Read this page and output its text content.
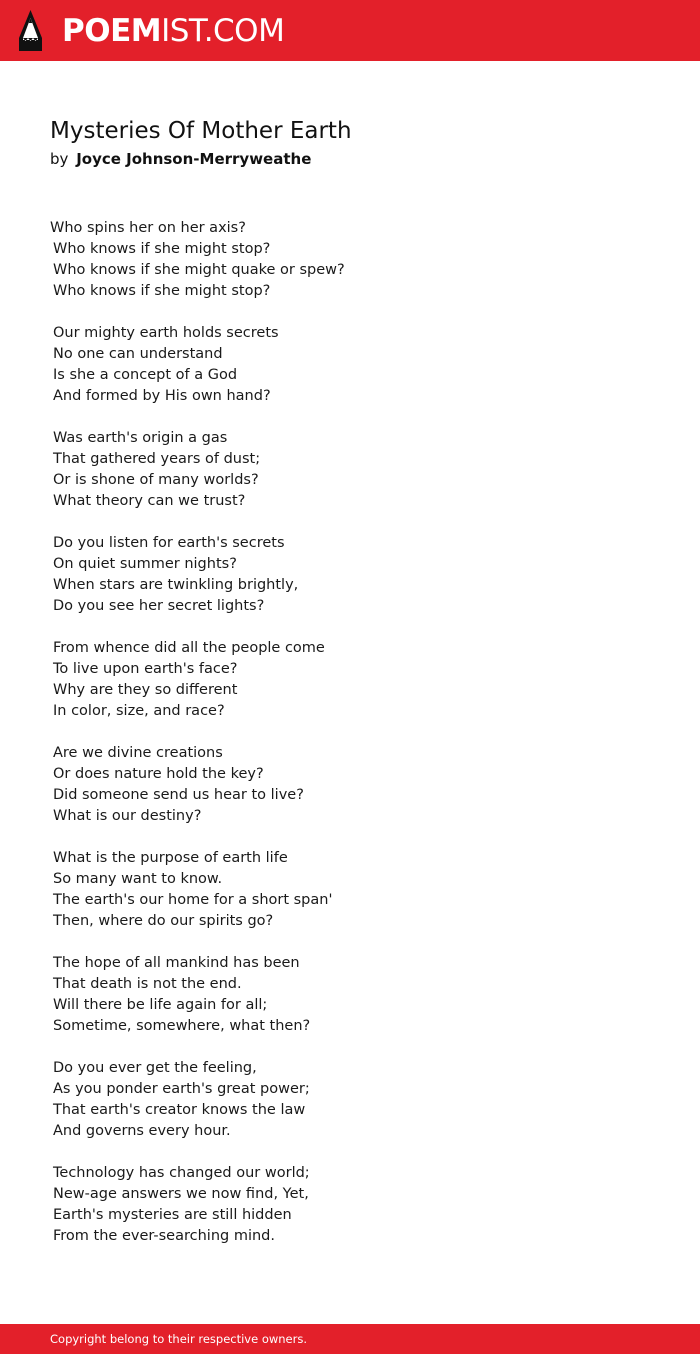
POEMIST.COM
Mysteries Of Mother Earth
by Joyce Johnson-Merryweathe
Who spins her on her axis?
Who knows if she might stop?
Who knows if she might quake or spew?
Who knows if she might stop?
Our mighty earth holds secrets
No one can understand
Is she a concept of a God
And formed by His own hand?
Was earth's origin a gas
That gathered years of dust;
Or is shone of many worlds?
What theory can we trust?
Do you listen for earth's secrets
On quiet summer nights?
When stars are twinkling brightly,
Do you see her secret lights?
From whence did all the people come
To live upon earth's face?
Why are they so different
In color, size, and race?
Are we divine creations
Or does nature hold the key?
Did someone send us hear to live?
What is our destiny?
What is the purpose of earth life
So many want to know.
The earth's our home for a short span'
Then, where do our spirits go?
The hope of all mankind has been
That death is not the end.
Will there be life again for all;
Sometime, somewhere, what then?
Do you ever get the feeling,
As you ponder earth's great power;
That earth's creator knows the law
And governs every hour.
Technology has changed our world;
New-age answers we now find, Yet,
Earth's mysteries are still hidden
From the ever-searching mind.
Copyright belong to their respective owners.
